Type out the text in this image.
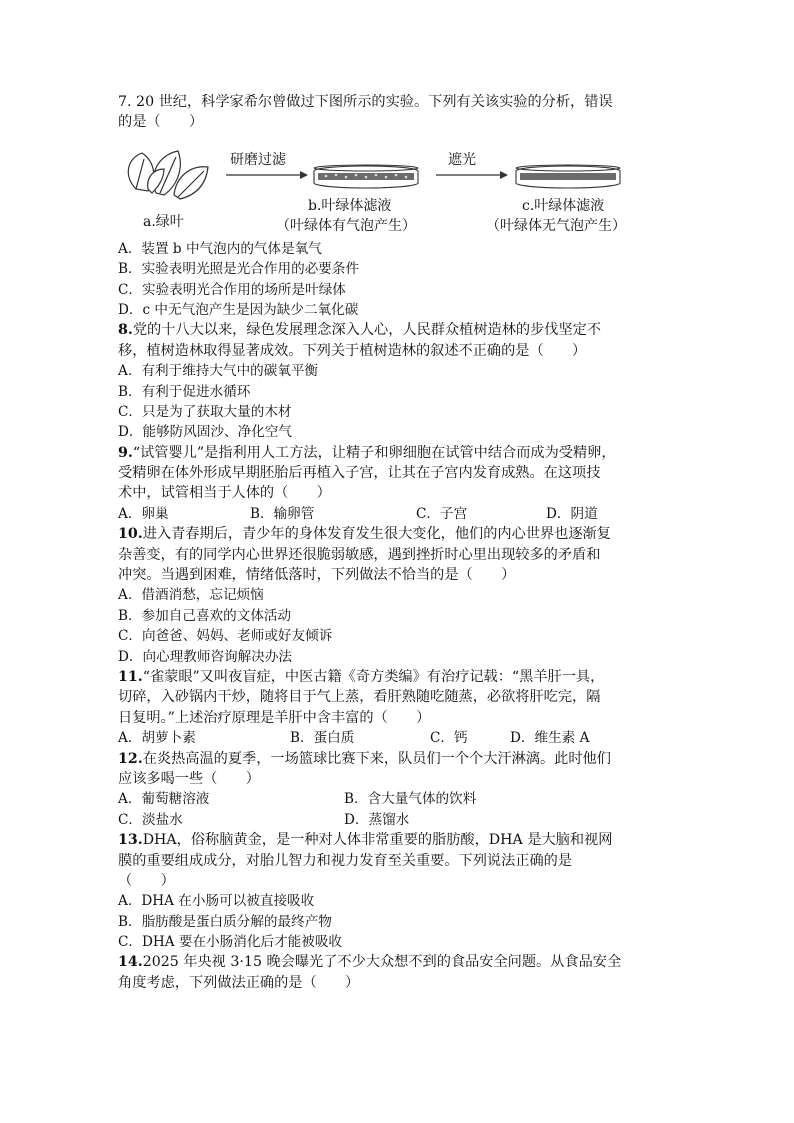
7. 20 世纪，科学家希尔曾做过下图所示的实验。下列有关该实验的分析，错误
的是（　　）
a.绿叶
研磨过滤	遮光
b.叶绿体滤液
（叶绿体有气泡产生）
c.叶绿体滤液
（叶绿体无气泡产生）
A．装置 b 中气泡内的气体是氧气
B．实验表明光照是光合作用的必要条件
C．实验表明光合作用的场所是叶绿体
D．c 中无气泡产生是因为缺少二氧化碳
8.党的十八大以来，绿色发展理念深入人心，人民群众植树造林的步伐坚定不
移，植树造林取得显著成效。下列关于植树造林的叙述不正确的是（　　）
A．有利于维持大气中的碳氧平衡
B．有利于促进水循环
C．只是为了获取大量的木材
D．能够防风固沙、净化空气
9.“试管婴儿”是指利用人工方法，让精子和卵细胞在试管中结合而成为受精卵，
受精卵在体外形成早期胚胎后再植入子宫，让其在子宫内发育成熟。在这项技
术中，试管相当于人体的（　　）
A．卵巢	B．输卵管	C．子宫	D．阴道
10.进入青春期后，青少年的身体发育发生很大变化，他们的内心世界也逐渐复
杂善变，有的同学内心世界还很脆弱敏感，遇到挫折时心里出现较多的矛盾和
冲突。当遇到困难，情绪低落时，下列做法不恰当的是（　　）
A．借酒消愁，忘记烦恼
B．参加自己喜欢的文体活动
C．向爸爸、妈妈、老师或好友倾诉
D．向心理教师咨询解决办法
11.“雀蒙眼”又叫夜盲症，中医古籍《奇方类编》有治疗记载：“黑羊肝一具，
切碎，入砂锅内干炒，随将目于气上蒸，看肝熟随吃随蒸，必欲将肝吃完，隔
日复明。”上述治疗原理是羊肝中含丰富的（　　）
A．胡萝卜素	B．蛋白质	C．钙	D．维生素 A
12.在炎热高温的夏季，一场篮球比赛下来，队员们一个个大汗淋漓。此时他们
应该多喝一些（　　）
A．葡萄糖溶液	B．含大量气体的饮料
C．淡盐水	D．蒸馏水
13.DHA，俗称脑黄金，是一种对人体非常重要的脂肪酸，DHA 是大脑和视网
膜的重要组成成分，对胎儿智力和视力发育至关重要。下列说法正确的是
（　　）
A．DHA 在小肠可以被直接吸收
B．脂肪酸是蛋白质分解的最终产物
C．DHA 要在小肠消化后才能被吸收
14.2025 年央视 3·15 晚会曝光了不少大众想不到的食品安全问题。从食品安全
角度考虑，下列做法正确的是（　　）
